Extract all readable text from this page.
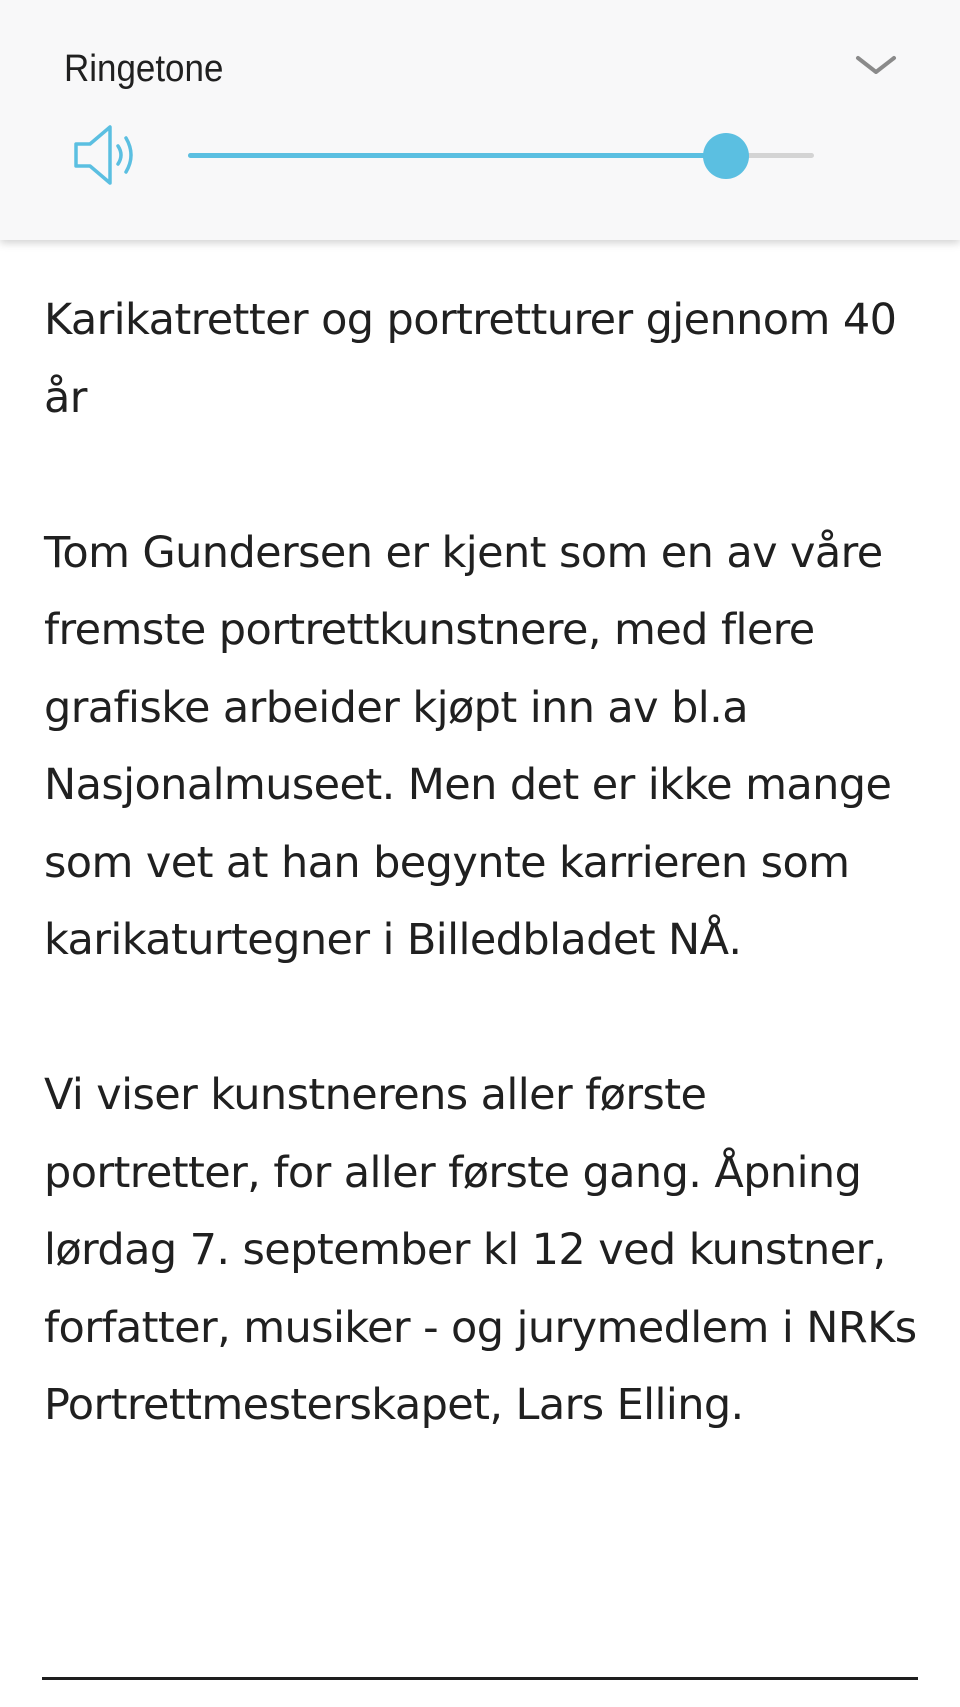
Ringetone

Karikatretter og portretturer gjennom 40 år

Tom Gundersen er kjent som en av våre fremste portrettkunstnere, med flere grafiske arbeider kjøpt inn av bl.a Nasjonalmuseet. Men det er ikke mange som vet at han begynte karrieren som karikaturtegner i Billedbladet NÅ.

Vi viser kunstnerens aller første portretter, for aller første gang. Åpning lørdag 7. september kl 12 ved kunstner, forfatter, musiker - og jurymedlem i NRKs Portrettmesterskapet, Lars Elling.
